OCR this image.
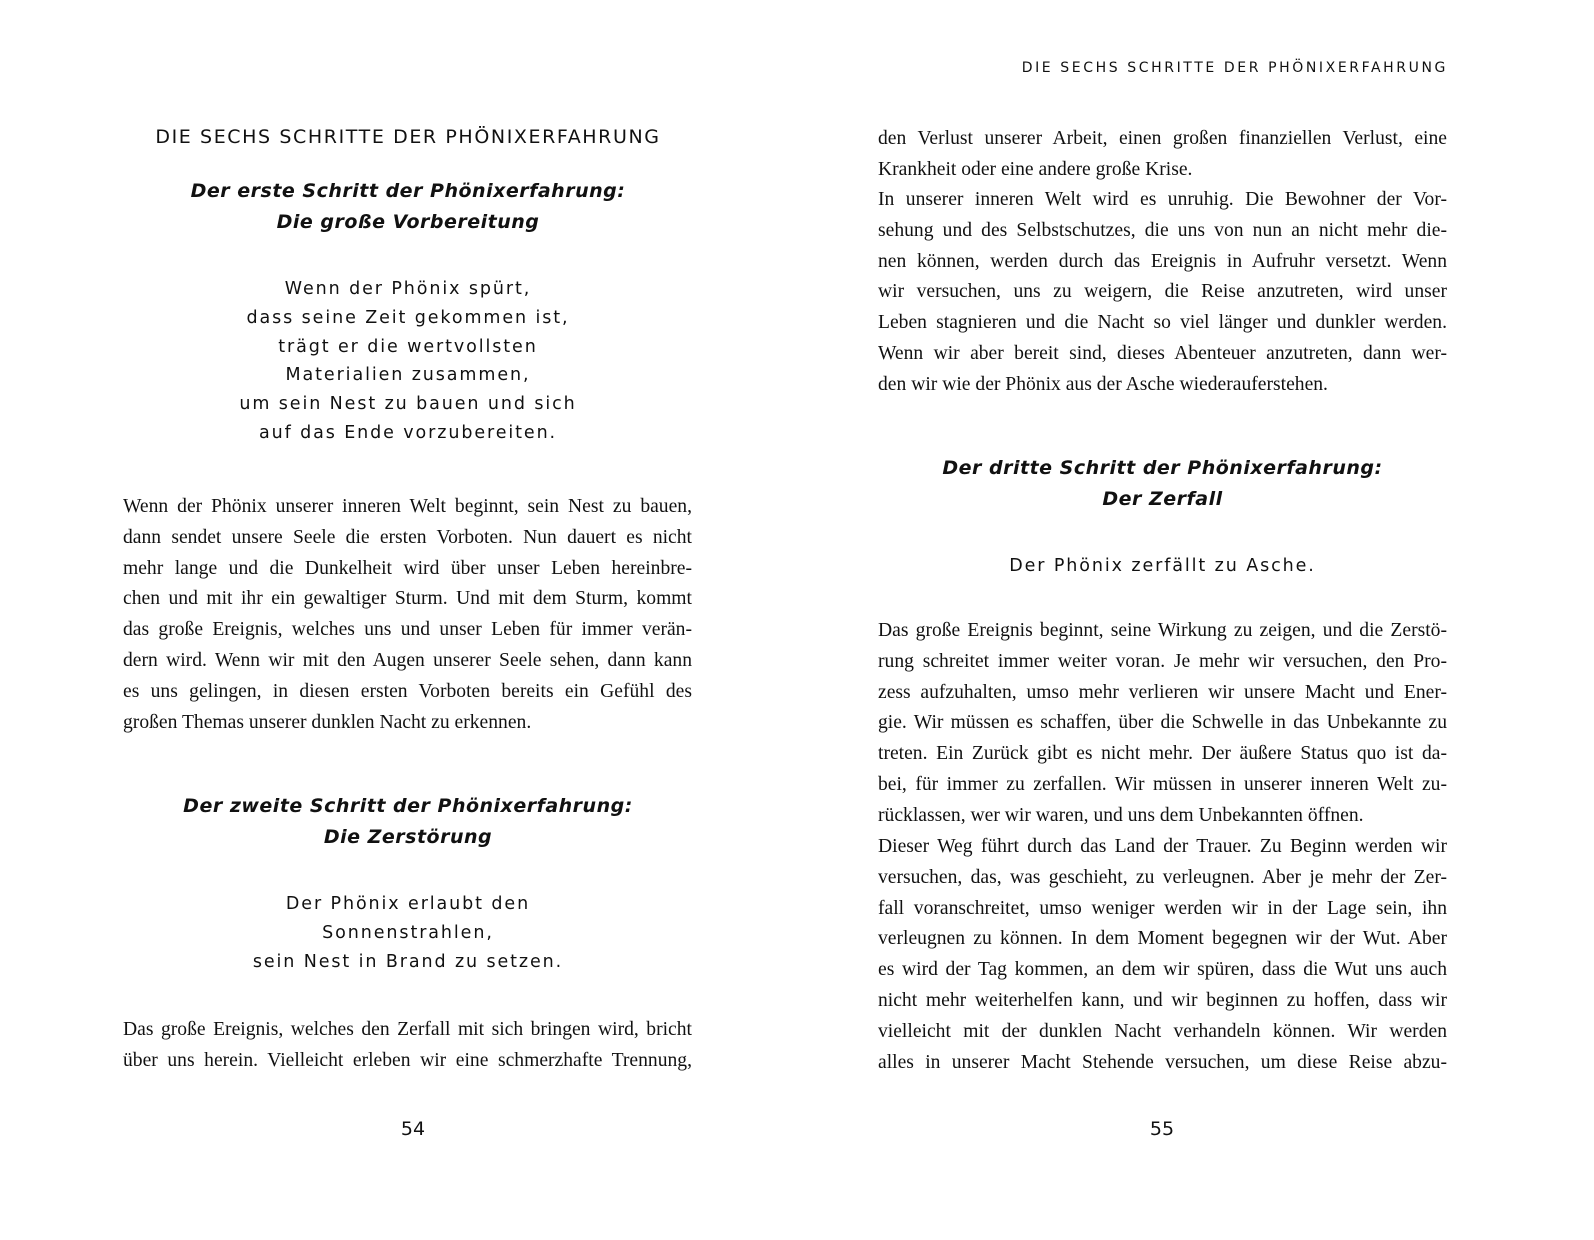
DIE SECHS SCHRITTE DER PHÖNIXERFAHRUNG
Der erste Schritt der Phönixerfahrung:
Die große Vorbereitung
Wenn der Phönix spürt,
dass seine Zeit gekommen ist,
trägt er die wertvollsten
Materialien zusammen,
um sein Nest zu bauen und sich
auf das Ende vorzubereiten.
Wenn der Phönix unserer inneren Welt beginnt, sein Nest zu bauen,
dann sendet unsere Seele die ersten Vorboten. Nun dauert es nicht
mehr lange und die Dunkelheit wird über unser Leben hereinbre-
chen und mit ihr ein gewaltiger Sturm. Und mit dem Sturm, kommt
das große Ereignis, welches uns und unser Leben für immer verän-
dern wird. Wenn wir mit den Augen unserer Seele sehen, dann kann
es uns gelingen, in diesen ersten Vorboten bereits ein Gefühl des
großen Themas unserer dunklen Nacht zu erkennen.
Der zweite Schritt der Phönixerfahrung:
Die Zerstörung
Der Phönix erlaubt den
Sonnenstrahlen,
sein Nest in Brand zu setzen.
Das große Ereignis, welches den Zerfall mit sich bringen wird, bricht
über uns herein. Vielleicht erleben wir eine schmerzhafte Trennung,
54
DIE SECHS SCHRITTE DER PHÖNIXERFAHRUNG
den Verlust unserer Arbeit, einen großen finanziellen Verlust, eine
Krankheit oder eine andere große Krise.
In unserer inneren Welt wird es unruhig. Die Bewohner der Vor-
sehung und des Selbstschutzes, die uns von nun an nicht mehr die-
nen können, werden durch das Ereignis in Aufruhr versetzt. Wenn
wir versuchen, uns zu weigern, die Reise anzutreten, wird unser
Leben stagnieren und die Nacht so viel länger und dunkler werden.
Wenn wir aber bereit sind, dieses Abenteuer anzutreten, dann wer-
den wir wie der Phönix aus der Asche wiederauferstehen.
Der dritte Schritt der Phönixerfahrung:
Der Zerfall
Der Phönix zerfällt zu Asche.
Das große Ereignis beginnt, seine Wirkung zu zeigen, und die Zerstö-
rung schreitet immer weiter voran. Je mehr wir versuchen, den Pro-
zess aufzuhalten, umso mehr verlieren wir unsere Macht und Ener-
gie. Wir müssen es schaffen, über die Schwelle in das Unbekannte zu
treten. Ein Zurück gibt es nicht mehr. Der äußere Status quo ist da-
bei, für immer zu zerfallen. Wir müssen in unserer inneren Welt zu-
rücklassen, wer wir waren, und uns dem Unbekannten öffnen.
Dieser Weg führt durch das Land der Trauer. Zu Beginn werden wir
versuchen, das, was geschieht, zu verleugnen. Aber je mehr der Zer-
fall voranschreitet, umso weniger werden wir in der Lage sein, ihn
verleugnen zu können. In dem Moment begegnen wir der Wut. Aber
es wird der Tag kommen, an dem wir spüren, dass die Wut uns auch
nicht mehr weiterhelfen kann, und wir beginnen zu hoffen, dass wir
vielleicht mit der dunklen Nacht verhandeln können. Wir werden
alles in unserer Macht Stehende versuchen, um diese Reise abzu-
55
